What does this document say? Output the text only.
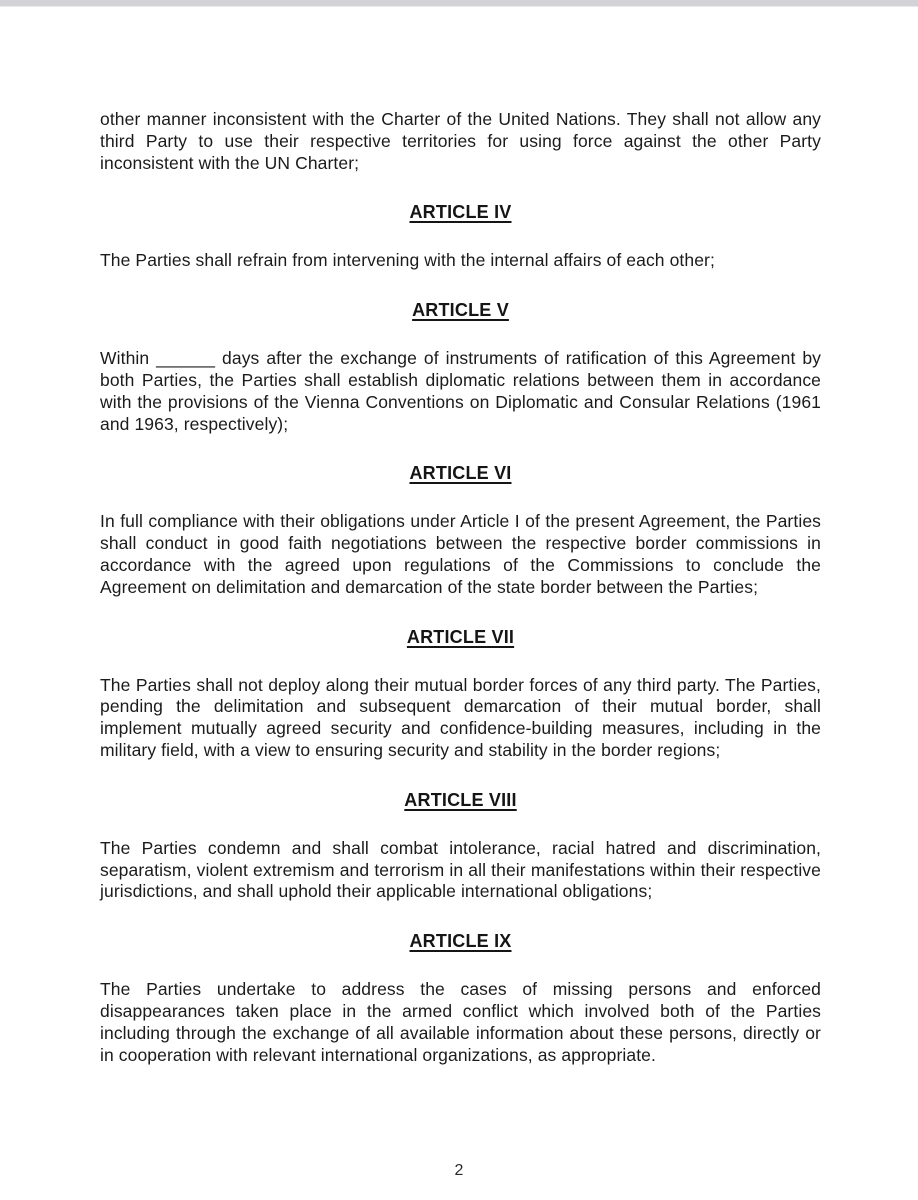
other manner inconsistent with the Charter of the United Nations. They shall not allow any third Party to use their respective territories for using force against the other Party inconsistent with the UN Charter;

ARTICLE IV

The Parties shall refrain from intervening with the internal affairs of each other;

ARTICLE V

Within ______ days after the exchange of instruments of ratification of this Agreement by both Parties, the Parties shall establish diplomatic relations between them in accordance with the provisions of the Vienna Conventions on Diplomatic and Consular Relations (1961 and 1963, respectively);

ARTICLE VI

In full compliance with their obligations under Article I of the present Agreement, the Parties shall conduct in good faith negotiations between the respective border commissions in accordance with the agreed upon regulations of the Commissions to conclude the Agreement on delimitation and demarcation of the state border between the Parties;

ARTICLE VII

The Parties shall not deploy along their mutual border forces of any third party. The Parties, pending the delimitation and subsequent demarcation of their mutual border, shall implement mutually agreed security and confidence-building measures, including in the military field, with a view to ensuring security and stability in the border regions;

ARTICLE VIII

The Parties condemn and shall combat intolerance, racial hatred and discrimination, separatism, violent extremism and terrorism in all their manifestations within their respective jurisdictions, and shall uphold their applicable international obligations;

ARTICLE IX

The Parties undertake to address the cases of missing persons and enforced disappearances taken place in the armed conflict which involved both of the Parties including through the exchange of all available information about these persons, directly or in cooperation with relevant international organizations, as appropriate.

2
